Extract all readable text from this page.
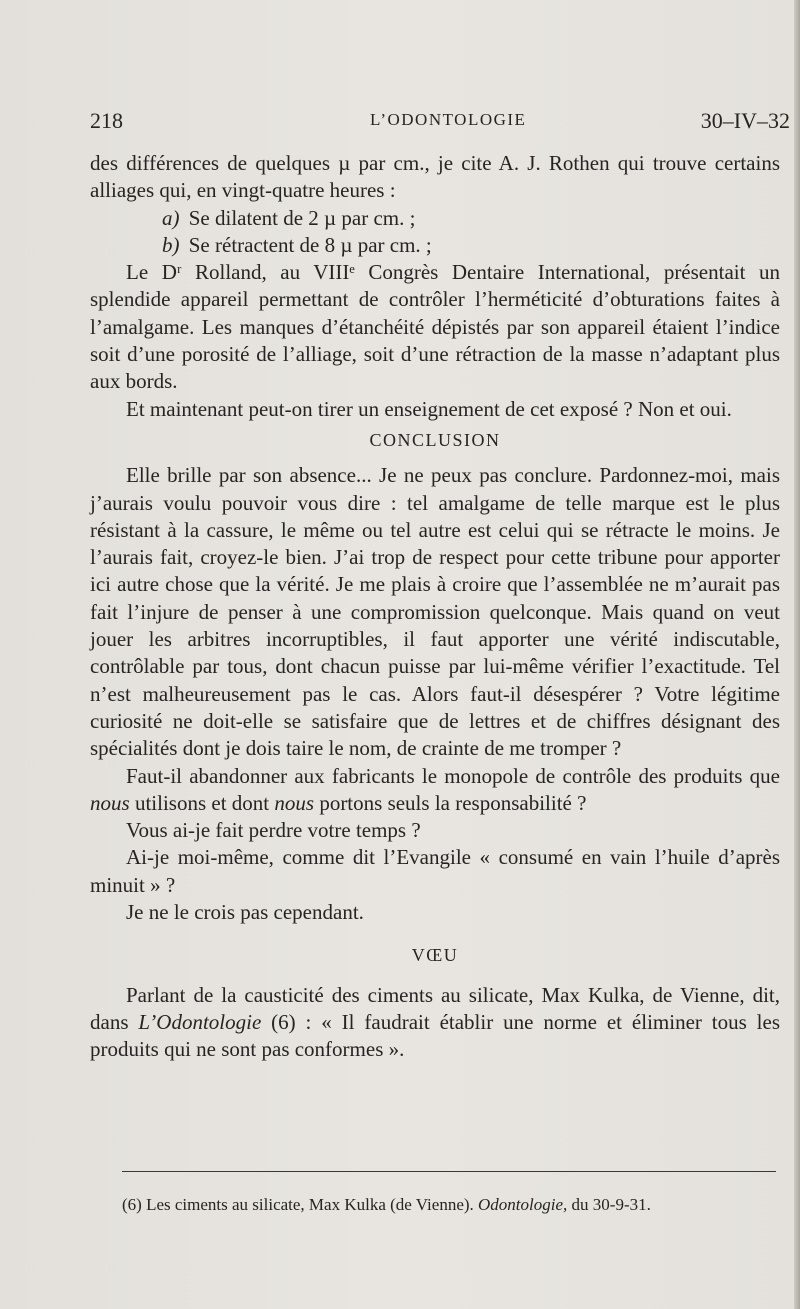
218	L’ODONTOLOGIE	30–IV–32

des différences de quelques µ par cm., je cite A. J. Rothen qui trouve certains alliages qui, en vingt-quatre heures :

a) Se dilatent de 2 µ par cm. ;

b) Se rétractent de 8 µ par cm. ;

Le Dʳ Rolland, au VIIIᵉ Congrès Dentaire International, présentait un splendide appareil permettant de contrôler l’herméticité d’obturations faites à l’amalgame. Les manques d’étanchéité dépistés par son appareil étaient l’indice soit d’une porosité de l’alliage, soit d’une rétraction de la masse n’adaptant plus aux bords.

Et maintenant peut-on tirer un enseignement de cet exposé ? Non et oui.

CONCLUSION

Elle brille par son absence... Je ne peux pas conclure. Pardonnez-moi, mais j’aurais voulu pouvoir vous dire : tel amalgame de telle marque est le plus résistant à la cassure, le même ou tel autre est celui qui se rétracte le moins. Je l’aurais fait, croyez-le bien. J’ai trop de respect pour cette tribune pour apporter ici autre chose que la vérité. Je me plais à croire que l’assemblée ne m’aurait pas fait l’injure de penser à une compromission quelconque. Mais quand on veut jouer les arbitres incorruptibles, il faut apporter une vérité indiscutable, contrôlable par tous, dont chacun puisse par lui-même vérifier l’exactitude. Tel n’est malheureusement pas le cas. Alors faut-il désespérer ? Votre légitime curiosité ne doit-elle se satisfaire que de lettres et de chiffres désignant des spécialités dont je dois taire le nom, de crainte de me tromper ?

Faut-il abandonner aux fabricants le monopole de contrôle des produits que nous utilisons et dont nous portons seuls la responsabilité ?

Vous ai-je fait perdre votre temps ?

Ai-je moi-même, comme dit l’Evangile « consumé en vain l’huile d’après minuit » ?

Je ne le crois pas cependant.

VŒU

Parlant de la causticité des ciments au silicate, Max Kulka, de Vienne, dit, dans L’Odontologie (6) : « Il faudrait établir une norme et éliminer tous les produits qui ne sont pas conformes ».

(6) Les ciments au silicate, Max Kulka (de Vienne). Odontologie, du 30-9-31.
